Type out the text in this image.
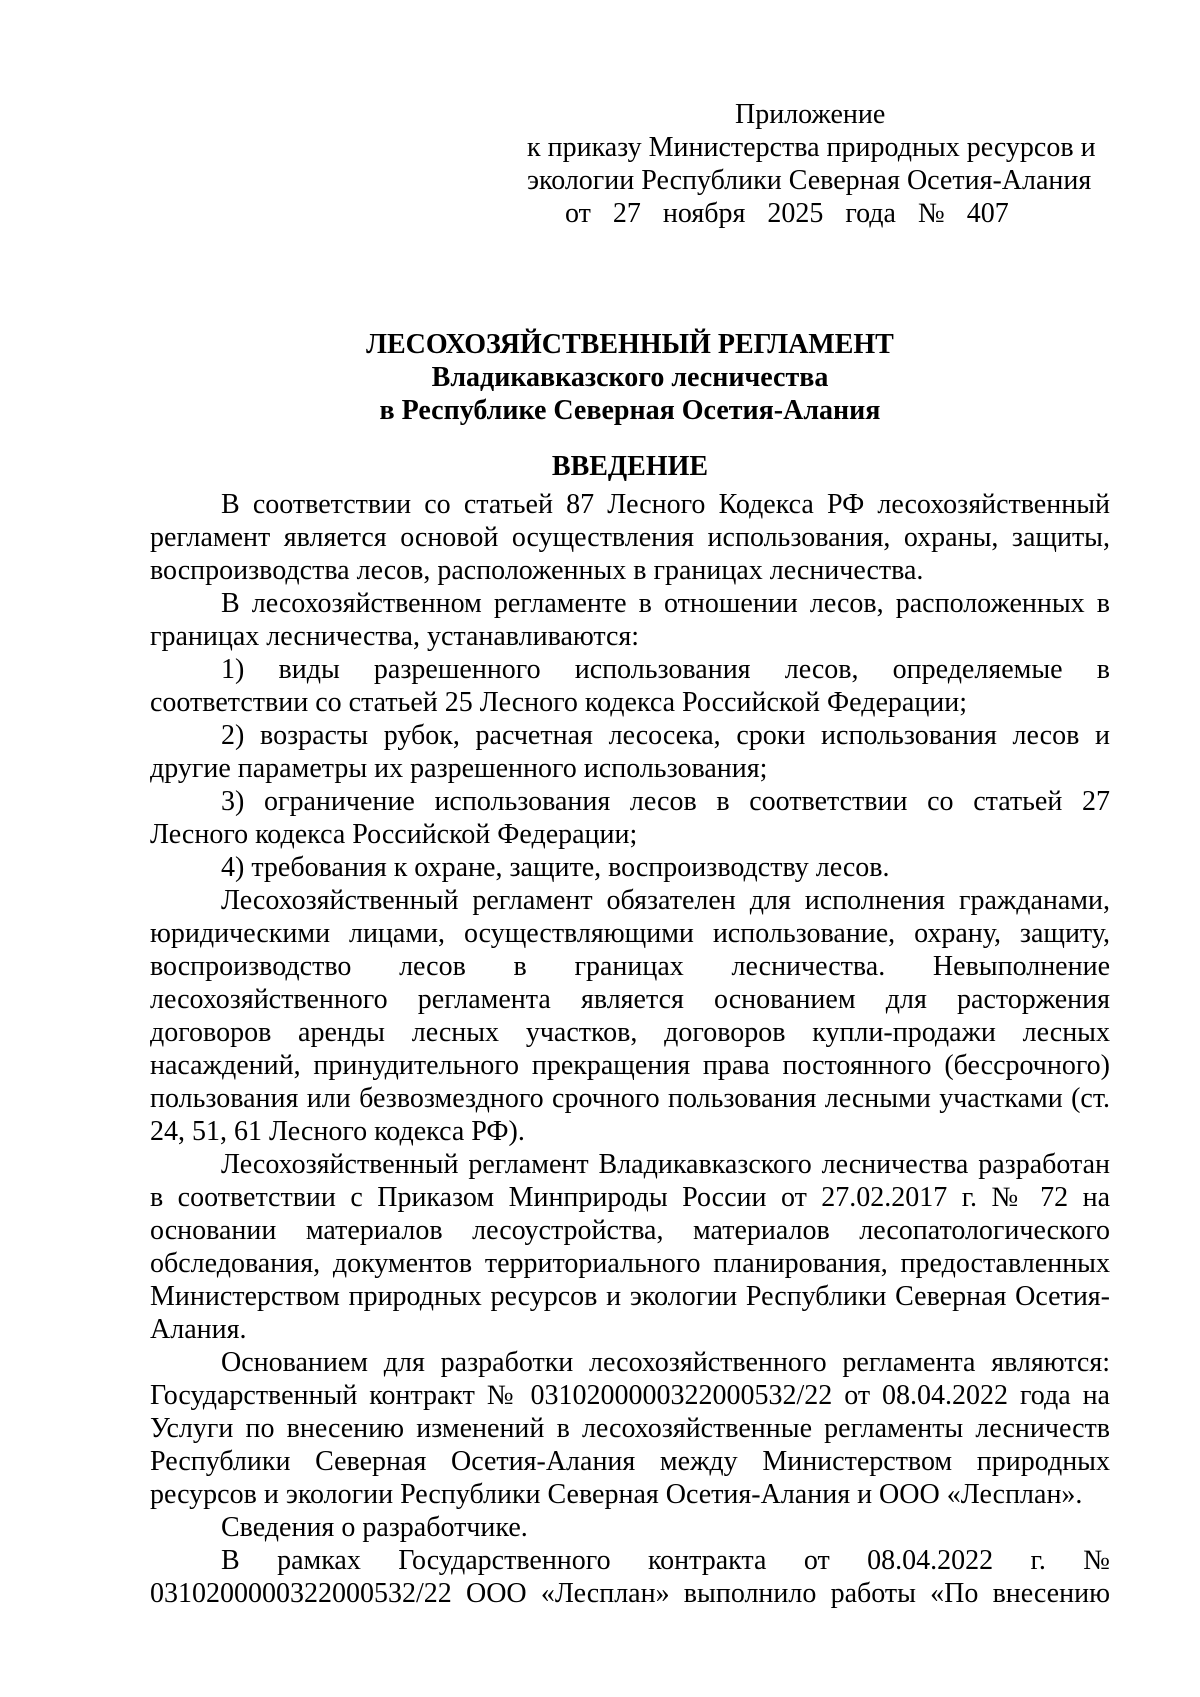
Приложение
к приказу Министерства природных ресурсов и
экологии Республики Северная Осетия-Алания
от 27 ноября 2025 года № 407
ЛЕСОХОЗЯЙСТВЕННЫЙ РЕГЛАМЕНТ
Владикавказского лесничества
в Республике Северная Осетия-Алания
ВВЕДЕНИЕ

В соответствии со статьей 87 Лесного Кодекса РФ лесохозяйственный регламент является основой осуществления использования, охраны, защиты, воспроизводства лесов, расположенных в границах лесничества.

В лесохозяйственном регламенте в отношении лесов, расположенных в границах лесничества, устанавливаются:

1) виды разрешенного использования лесов, определяемые в соответствии со статьей 25 Лесного кодекса Российской Федерации;

2) возрасты рубок, расчетная лесосека, сроки использования лесов и другие параметры их разрешенного использования;

3) ограничение использования лесов в соответствии со статьей 27 Лесного кодекса Российской Федерации;

4) требования к охране, защите, воспроизводству лесов.

Лесохозяйственный регламент обязателен для исполнения гражданами, юридическими лицами, осуществляющими использование, охрану, защиту, воспроизводство лесов в границах лесничества. Невыполнение лесохозяйственного регламента является основанием для расторжения договоров аренды лесных участков, договоров купли-продажи лесных насаждений, принудительного прекращения права постоянного (бессрочного) пользования или безвозмездного срочного пользования лесными участками (ст. 24, 51, 61 Лесного кодекса РФ).

Лесохозяйственный регламент Владикавказского лесничества разработан в соответствии с Приказом Минприроды России от 27.02.2017 г. № 72 на основании материалов лесоустройства, материалов лесопатологического обследования, документов территориального планирования, предоставленных Министерством природных ресурсов и экологии Республики Северная Осетия-Алания.

Основанием для разработки лесохозяйственного регламента являются: Государственный контракт № 0310200000322000532/22 от 08.04.2022 года на Услуги по внесению изменений в лесохозяйственные регламенты лесничеств Республики Северная Осетия-Алания между Министерством природных ресурсов и экологии Республики Северная Осетия-Алания и ООО «Лесплан».

Сведения о разработчике.

В рамках Государственного контракта от 08.04.2022 г. № 0310200000322000532/22 ООО «Лесплан» выполнило работы «По внесению
